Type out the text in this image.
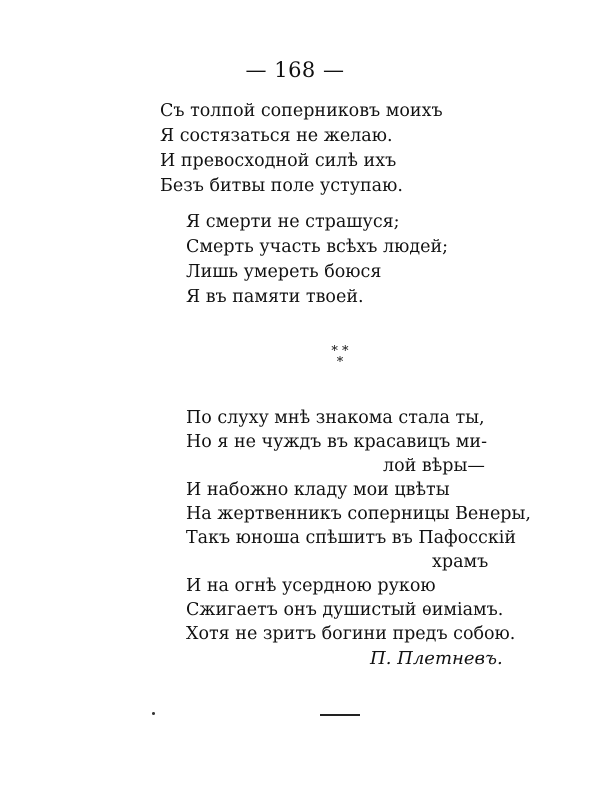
— 168 —
Съ толпой соперниковъ моихъ
Я состязаться не желаю.
И превосходной силѣ ихъ
Безъ битвы поле уступаю.
Я смерти не страшуся;
Смерть участь всѣхъ людей;
Лишь умереть боюся
Я въ памяти твоей.
* *
*
По слуху мнѣ знакома стала ты,
Но я не чуждъ въ красавицъ ми-
лой вѣры—
И набожно кладу мои цвѣты
На жертвенникъ соперницы Венеры,
Такъ юноша спѣшитъ въ Пафосскій
храмъ
И на огнѣ усердною рукою
Сжигаетъ онъ душистый ѳиміамъ.
Хотя не зритъ богини предъ собою.
П. Плетневъ.
